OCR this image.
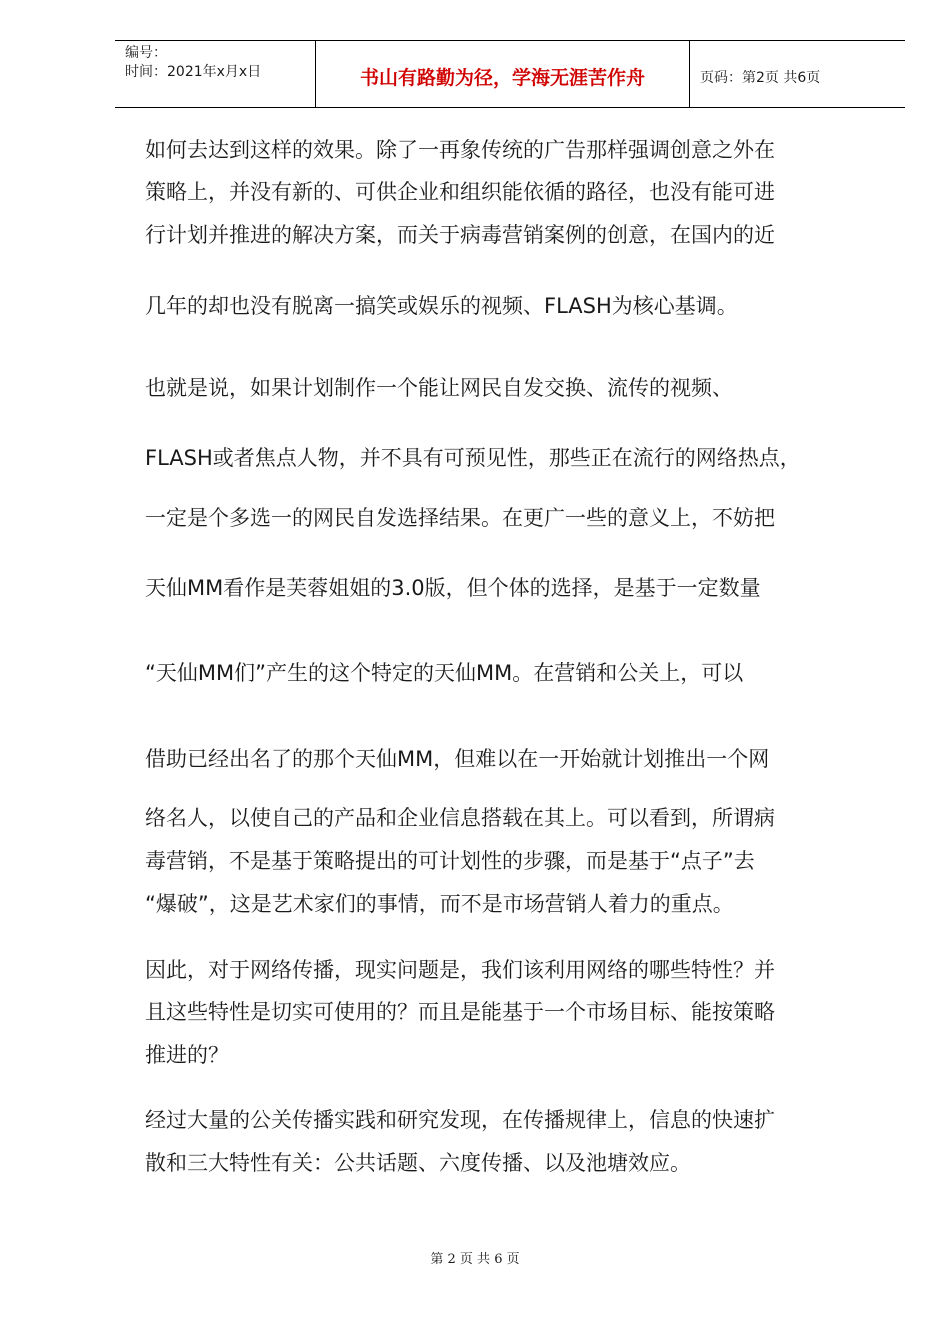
编号：
时间：2021年x月x日	书山有路勤为径，学海无涯苦作舟	页码：第2页 共6页
如何去达到这样的效果。除了一再象传统的广告那样强调创意之外在
策略上，并没有新的、可供企业和组织能依循的路径，也没有能可进
行计划并推进的解决方案，而关于病毒营销案例的创意，在国内的近
几年的却也没有脱离一搞笑或娱乐的视频、FLASH为核心基调。
也就是说，如果计划制作一个能让网民自发交换、流传的视频、
FLASH或者焦点人物，并不具有可预见性，那些正在流行的网络热点，
一定是个多选一的网民自发选择结果。在更广一些的意义上，不妨把
天仙MM看作是芙蓉姐姐的3.0版，但个体的选择，是基于一定数量
“天仙MM们”产生的这个特定的天仙MM。在营销和公关上，可以
借助已经出名了的那个天仙MM，但难以在一开始就计划推出一个网
络名人，以使自己的产品和企业信息搭载在其上。可以看到，所谓病
毒营销，不是基于策略提出的可计划性的步骤，而是基于“点子”去
“爆破”，这是艺术家们的事情，而不是市场营销人着力的重点。
因此，对于网络传播，现实问题是，我们该利用网络的哪些特性？并
且这些特性是切实可使用的？而且是能基于一个市场目标、能按策略
推进的？
经过大量的公关传播实践和研究发现，在传播规律上，信息的快速扩
散和三大特性有关：公共话题、六度传播、以及池塘效应。
第 2 页 共 6 页
